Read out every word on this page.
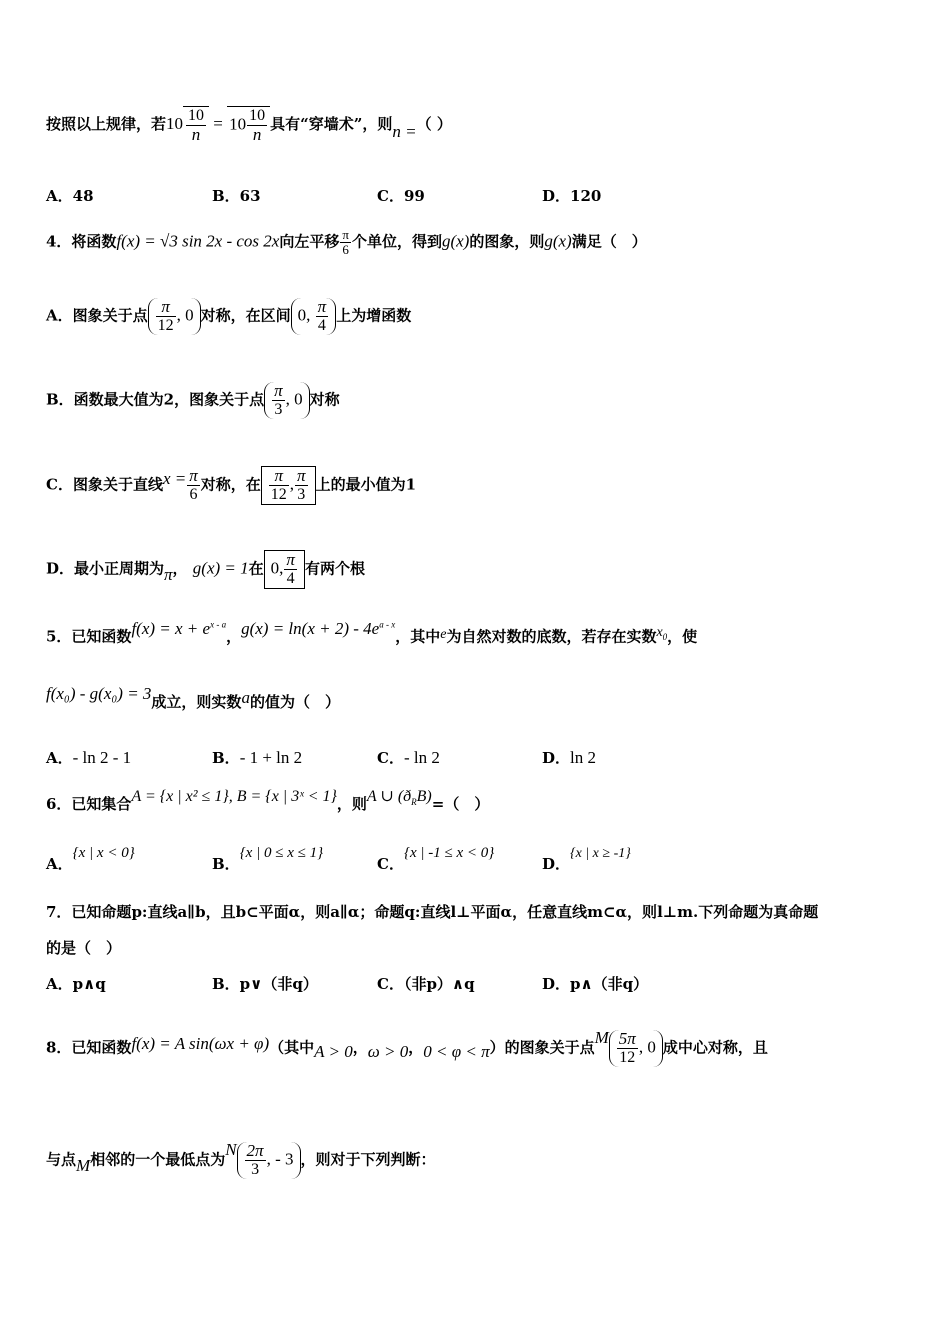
按照以上规律，若$10 \frac{10}{n} = 10 \frac{10}{n}$ 具有“穿墙术”，则n =（ ）
A．48	B．63	C．99	D．120
4．将函数f(x) = √3 sin 2x - cos 2x向左平移 $\frac{\pi}{6}$ 个单位，得到g(x)的图象，则g(x)满足（　）
A．图象关于点 $\frac{\pi}{12}$ , 0 对称，在区间 0, $\frac{\pi}{4}$ 上为增函数
B．函数最大值为2，图象关于点 $\frac{\pi}{3}$ , 0 对称
C．图象关于直线$x = \frac{\pi}{6}$ 对称，在 $\frac{\pi}{12}$ , $\frac{\pi}{3}$ 上的最小值为1
D．最小正周期为π， g(x) = 1在 0, $\frac{\pi}{4}$ 有两个根
5．已知函数$f(x) = x + e^{x - a}$，$g(x) = \ln(x + 2) - 4e^{a - x}$，其中e为自然对数的底数，若存在实数$x_0$，使
f(x₀) - g(x₀) = 3成立，则实数a的值为（　）
A．- ln 2 - 1	B．- 1 + ln 2	C．- ln 2	D．ln 2
6．已知集合A = {x | x² ≤ 1}, B = {x | 3ˣ < 1}，则A ∪ $(ð_RB)=$（　）
A．{x | x < 0}
B．{x | 0 ≤ x ≤ 1}
C．{x | -1 ≤ x < 0}
D．{x | x ≥ -1}
7．已知命题p:直线a∥b，且b⊂平面α，则a∥α；命题q:直线l⊥平面α，任意直线m⊂α，则l⊥m.下列命题为真命题
的是（　）
A．p∧q	B．p∨（非q）	C．（非p）∧q	D．p∧（非q）
8．已知函数f(x) = A sin(ωx + φ)（其中A > 0，ω > 0，0 < φ < π）的图象关于点M $\frac{5\pi}{12}$ , 0 成中心对称，且
与点M相邻的一个最低点为N $\frac{2\pi}{3}$ , - 3 ，则对于下列判断：
